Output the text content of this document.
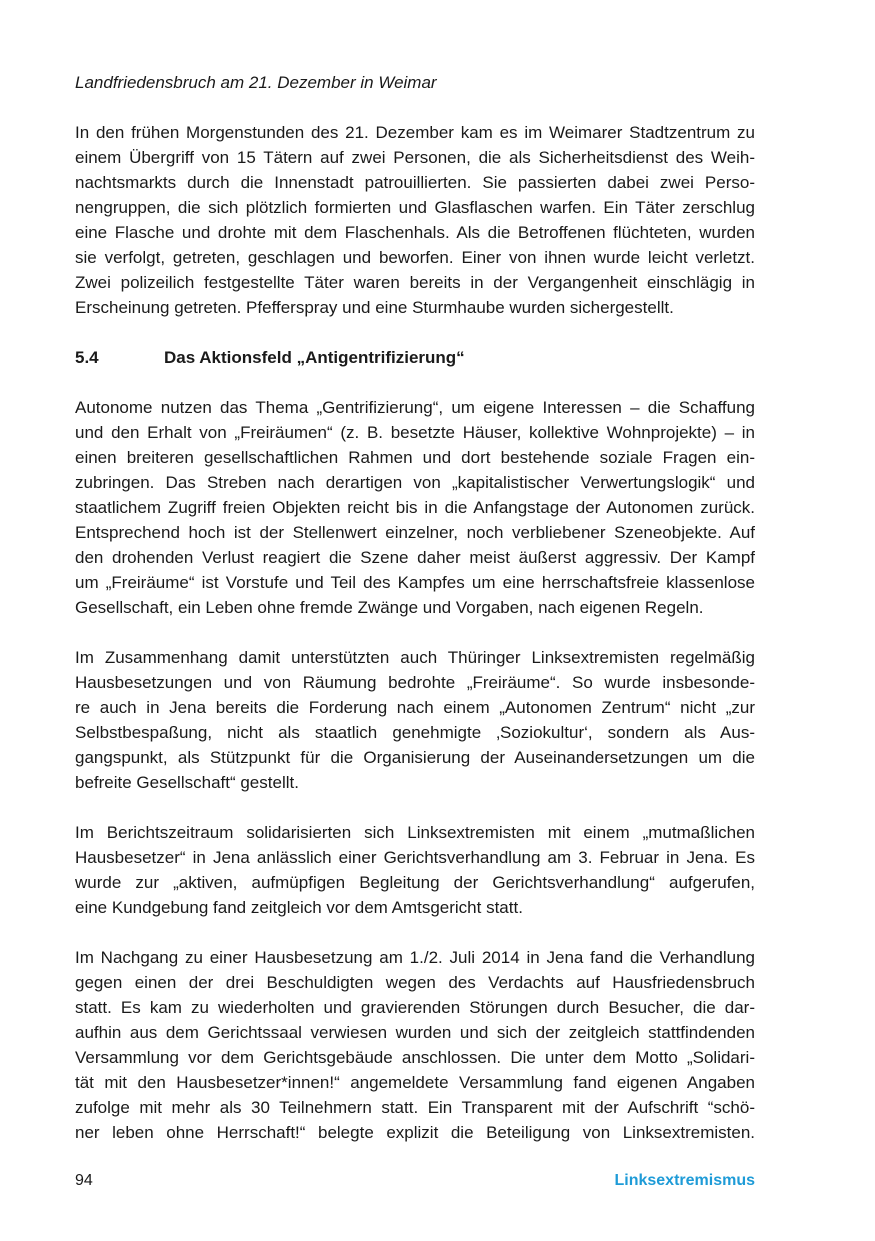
Landfriedensbruch am 21. Dezember in Weimar
In den frühen Morgenstunden des 21. Dezember kam es im Weimarer Stadtzentrum zu
einem Übergriff von 15 Tätern auf zwei Personen, die als Sicherheitsdienst des Weih-
nachtsmarkts durch die Innenstadt patrouillierten. Sie passierten dabei zwei Perso-
nengruppen, die sich plötzlich formierten und Glasflaschen warfen. Ein Täter zerschlug
eine Flasche und drohte mit dem Flaschenhals. Als die Betroffenen flüchteten, wurden
sie verfolgt, getreten, geschlagen und beworfen. Einer von ihnen wurde leicht verletzt.
Zwei polizeilich festgestellte Täter waren bereits in der Vergangenheit einschlägig in
Erscheinung getreten. Pfefferspray und eine Sturmhaube wurden sichergestellt.
5.4	Das Aktionsfeld „Antigentrifizierung“
Autonome nutzen das Thema „Gentrifizierung“, um eigene Interessen – die Schaffung
und den Erhalt von „Freiräumen“ (z. B. besetzte Häuser, kollektive Wohnprojekte) – in
einen breiteren gesellschaftlichen Rahmen und dort bestehende soziale Fragen ein-
zubringen. Das Streben nach derartigen von „kapitalistischer Verwertungslogik“ und
staatlichem Zugriff freien Objekten reicht bis in die Anfangstage der Autonomen zurück.
Entsprechend hoch ist der Stellenwert einzelner, noch verbliebener Szeneobjekte. Auf
den drohenden Verlust reagiert die Szene daher meist äußerst aggressiv. Der Kampf
um „Freiräume“ ist Vorstufe und Teil des Kampfes um eine herrschaftsfreie klassenlose
Gesellschaft, ein Leben ohne fremde Zwänge und Vorgaben, nach eigenen Regeln.
Im Zusammenhang damit unterstützten auch Thüringer Linksextremisten regelmäßig
Hausbesetzungen und von Räumung bedrohte „Freiräume“. So wurde insbesonde-
re auch in Jena bereits die Forderung nach einem „Autonomen Zentrum“ nicht „zur
Selbstbespaßung, nicht als staatlich genehmigte ‚Soziokultur‘, sondern als Aus-
gangspunkt, als Stützpunkt für die Organisierung der Auseinandersetzungen um die
befreite Gesellschaft“ gestellt.
Im Berichtszeitraum solidarisierten sich Linksextremisten mit einem „mutmaßlichen
Hausbesetzer“ in Jena anlässlich einer Gerichtsverhandlung am 3. Februar in Jena. Es
wurde zur „aktiven, aufmüpfigen Begleitung der Gerichtsverhandlung“ aufgerufen,
eine Kundgebung fand zeitgleich vor dem Amtsgericht statt.
Im Nachgang zu einer Hausbesetzung am 1./2. Juli 2014 in Jena fand die Verhandlung
gegen einen der drei Beschuldigten wegen des Verdachts auf Hausfriedensbruch
statt. Es kam zu wiederholten und gravierenden Störungen durch Besucher, die dar-
aufhin aus dem Gerichtssaal verwiesen wurden und sich der zeitgleich stattfindenden
Versammlung vor dem Gerichtsgebäude anschlossen. Die unter dem Motto „Solidari-
tät mit den Hausbesetzer*innen!“ angemeldete Versammlung fand eigenen Angaben
zufolge mit mehr als 30 Teilnehmern statt. Ein Transparent mit der Aufschrift “schö-
ner leben ohne Herrschaft!“ belegte explizit die Beteiligung von Linksextremisten.
94	Linksextremismus
